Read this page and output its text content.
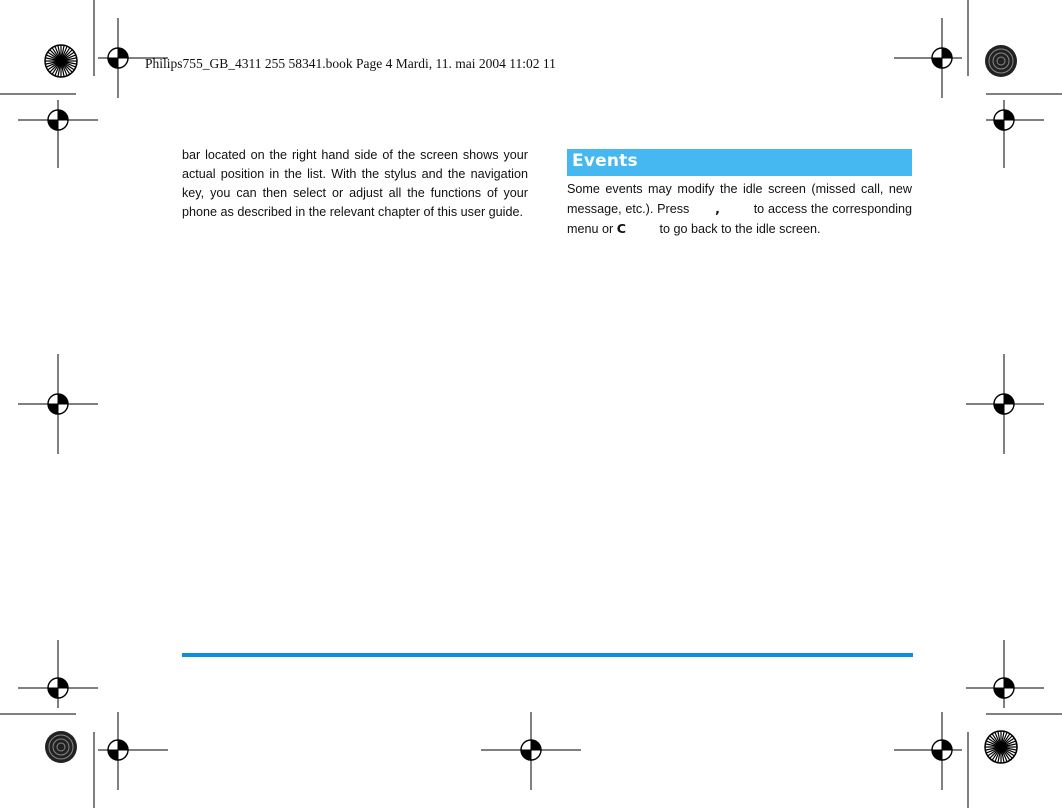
Philips755_GB_4311 255 58341.book Page 4 Mardi, 11. mai 2004 11:02 11
bar located on the right hand side of the screen shows your actual position in the list. With the stylus and the navigation key, you can then select or adjust all the functions of your phone as described in the relevant chapter of this user guide.
Events
Some events may modify the idle screen (missed call, new message, etc.). Press ,	to access the corresponding menu or C	to go back to the idle screen.
